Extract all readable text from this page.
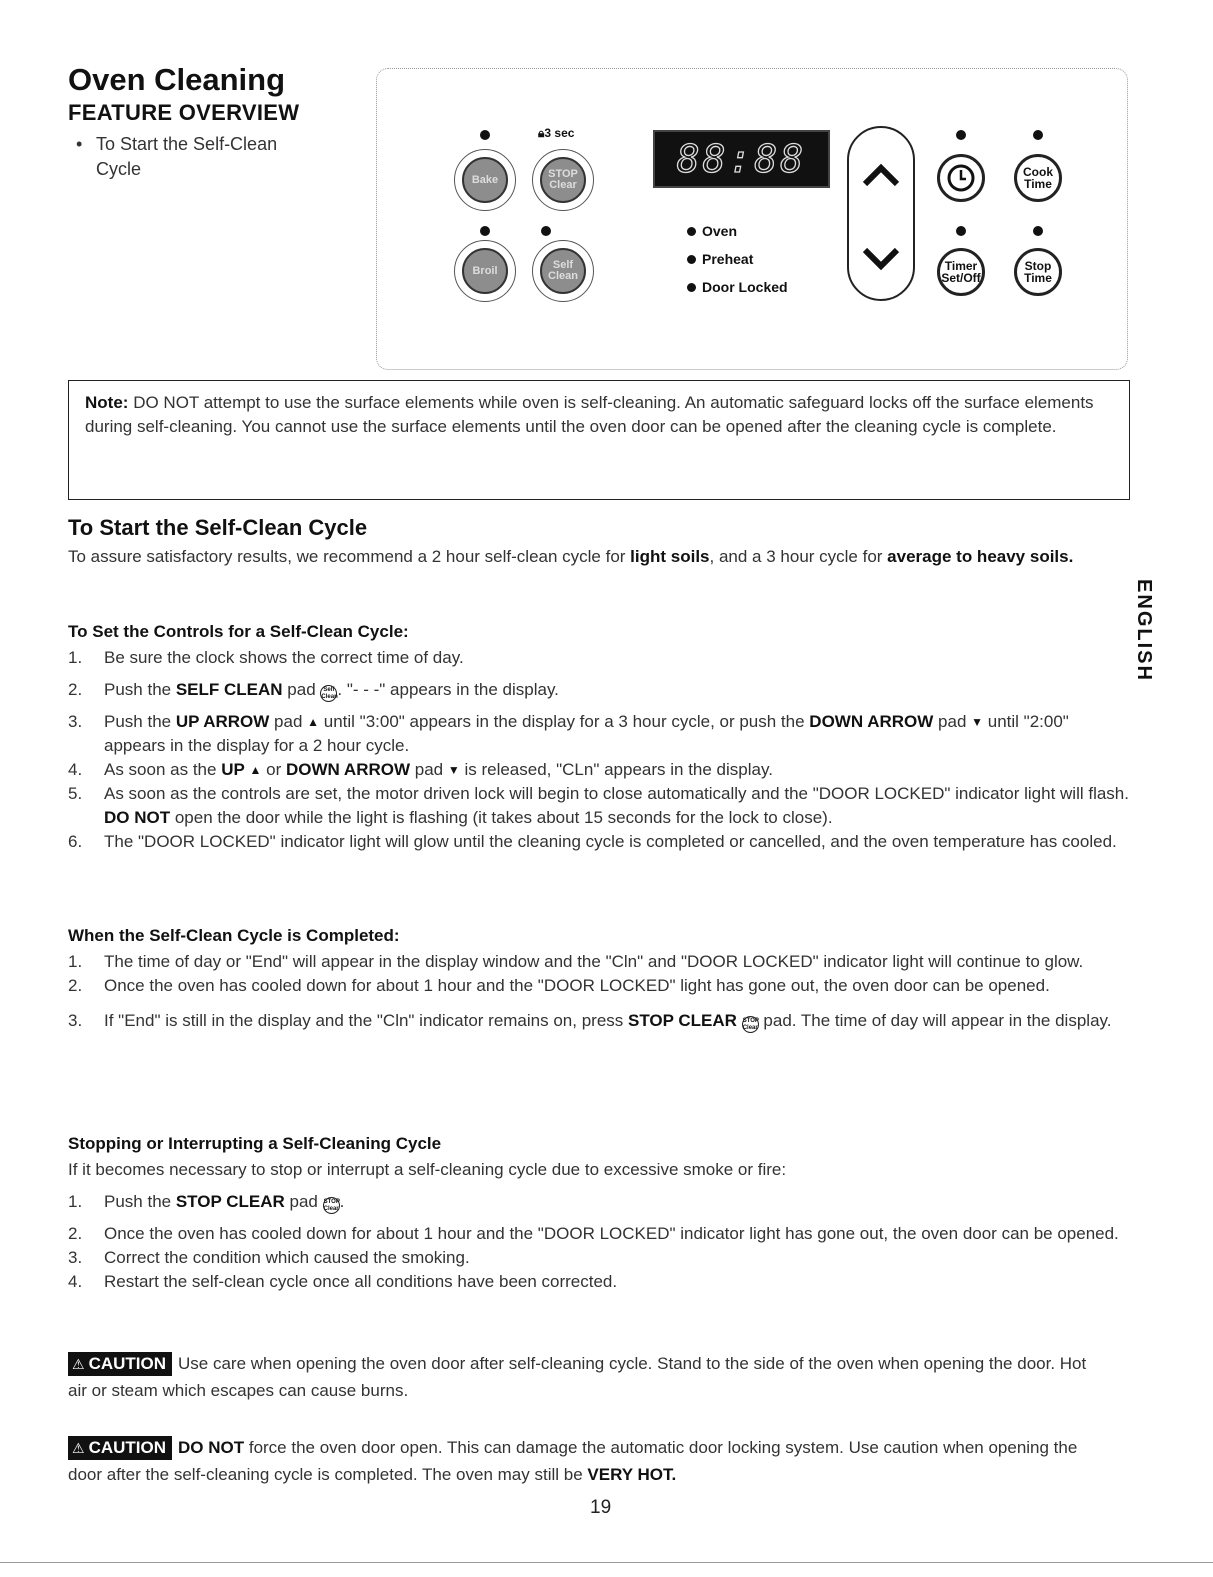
Oven Cleaning
FEATURE OVERVIEW
• To Start the Self-Clean Cycle
🔒︎3 sec
Bake	STOP Clear
Broil	Self Clean
88:88
Oven
Preheat
Door Locked
Cook Time
Timer Set/Off
Stop Time
Note: DO NOT attempt to use the surface elements while oven is self-cleaning. An automatic safeguard locks off the surface elements during self-cleaning. You cannot use the surface elements until the oven door can be opened after the cleaning cycle is complete.
To Start the Self-Clean Cycle
To assure satisfactory results, we recommend a 2 hour self-clean cycle for light soils, and a 3 hour cycle for average to heavy soils.
ENGLISH
To Set the Controls for a Self-Clean Cycle:
1. Be sure the clock shows the correct time of day.
2. Push the SELF CLEAN pad Self
Clean. "- - -" appears in the display.
3. Push the UP ARROW pad ▲ until "3:00" appears in the display for a 3 hour cycle, or push the DOWN ARROW pad ▼ until "2:00" appears in the display for a 2 hour cycle.
4. As soon as the UP ▲ or DOWN ARROW pad ▼ is released, "CLn" appears in the display.
5. As soon as the controls are set, the motor driven lock will begin to close automatically and the "DOOR LOCKED" indicator light will flash. DO NOT open the door while the light is flashing (it takes about 15 seconds for the lock to close).
6. The "DOOR LOCKED" indicator light will glow until the cleaning cycle is completed or cancelled, and the oven temperature has cooled.
When the Self-Clean Cycle is Completed:
1. The time of day or "End" will appear in the display window and the "Cln" and "DOOR LOCKED" indicator light will continue to glow.
2. Once the oven has cooled down for about 1 hour and the "DOOR LOCKED" light has gone out, the oven door can be opened.
3. If "End" is still in the display and the "Cln" indicator remains on, press STOP CLEAR STOP
Clear pad. The time of day will appear in the display.
Stopping or Interrupting a Self-Cleaning Cycle
If it becomes necessary to stop or interrupt a self-cleaning cycle due to excessive smoke or fire:
1. Push the STOP CLEAR pad STOP
Clear.
2. Once the oven has cooled down for about 1 hour and the "DOOR LOCKED" indicator light has gone out, the oven door can be opened.
3. Correct the condition which caused the smoking.
4. Restart the self-clean cycle once all conditions have been corrected.
⚠ CAUTION Use care when opening the oven door after self-cleaning cycle. Stand to the side of the oven when opening the door. Hot air or steam which escapes can cause burns.
⚠ CAUTION DO NOT force the oven door open. This can damage the automatic door locking system. Use caution when opening the door after the self-cleaning cycle is completed. The oven may still be VERY HOT.
19
